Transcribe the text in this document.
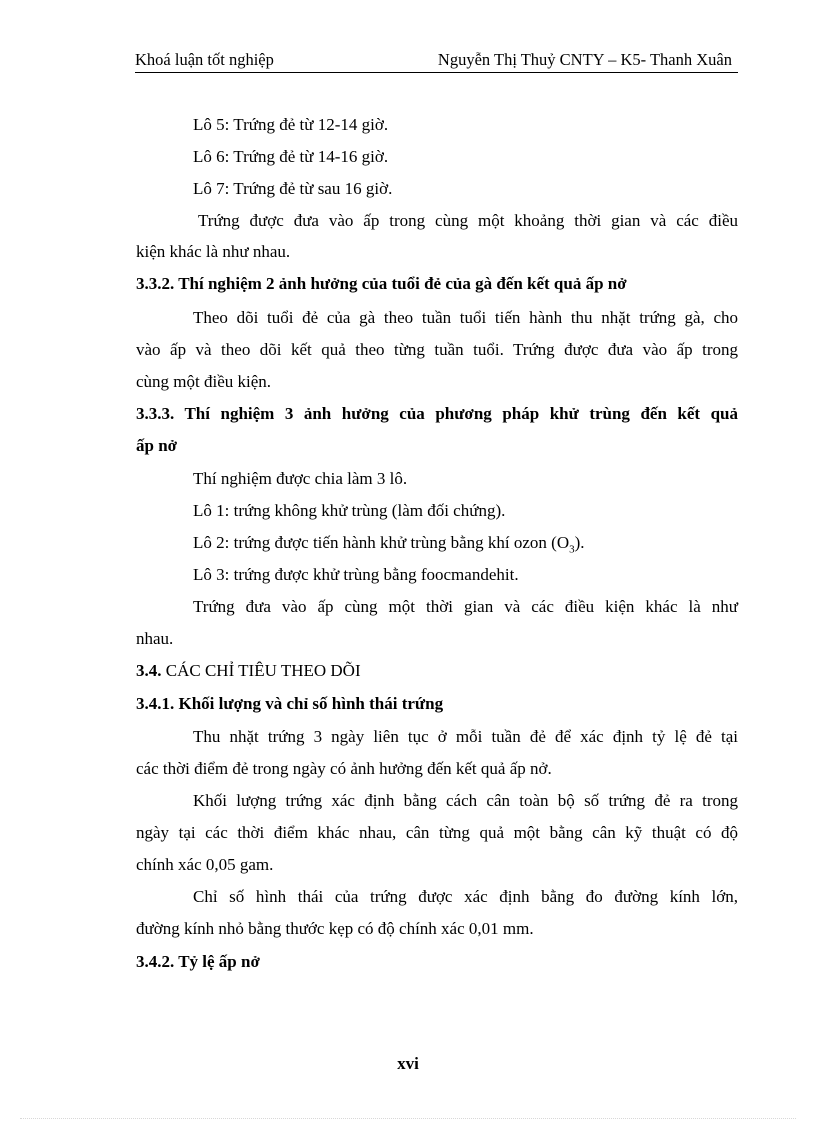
Khoá luận tốt nghiệp	Nguyễn Thị Thuỷ CNTY – K5- Thanh Xuân
Lô 5: Trứng đẻ từ 12-14 giờ.
Lô 6: Trứng đẻ từ 14-16 giờ.
Lô 7: Trứng đẻ từ sau 16 giờ.
Trứng được đưa vào ấp trong cùng một khoảng thời gian và các điều
kiện khác là như nhau.
3.3.2. Thí nghiệm 2 ảnh hưởng của tuổi đẻ của gà đến kết quả ấp nở
Theo dõi tuổi đẻ của gà theo tuần tuổi tiến hành thu nhặt trứng gà, cho
vào ấp và theo dõi kết quả theo từng tuần tuổi. Trứng được đưa vào ấp trong
cùng một điều kiện.
3.3.3. Thí nghiệm 3 ảnh hưởng của phương pháp khử trùng đến kết quả
ấp nở
Thí nghiệm được chia làm 3 lô.
Lô 1: trứng không khử trùng (làm đối chứng).
Lô 2: trứng được tiến hành khử trùng bằng khí ozon $(O_3)$.
Lô 3: trứng được khử trùng bằng foocmandehit.
Trứng đưa vào ấp cùng một thời gian và các điều kiện khác là như
nhau.
3.4. CÁC CHỈ TIÊU THEO DÕI
3.4.1. Khối lượng và chỉ số hình thái trứng
Thu nhặt trứng 3 ngày liên tục ở mỗi tuần đẻ để xác định tỷ lệ đẻ tại
các thời điểm đẻ trong ngày có ảnh hưởng đến kết quả ấp nở.
Khối lượng trứng xác định bằng cách cân toàn bộ số trứng đẻ ra trong
ngày tại các thời điểm khác nhau, cân từng quả một bằng cân kỹ thuật có độ
chính xác 0,05 gam.
Chỉ số hình thái của trứng được xác định bằng đo đường kính lớn,
đường kính nhỏ bằng thước kẹp có độ chính xác 0,01 mm.
3.4.2. Tỷ lệ ấp nở
xvi
